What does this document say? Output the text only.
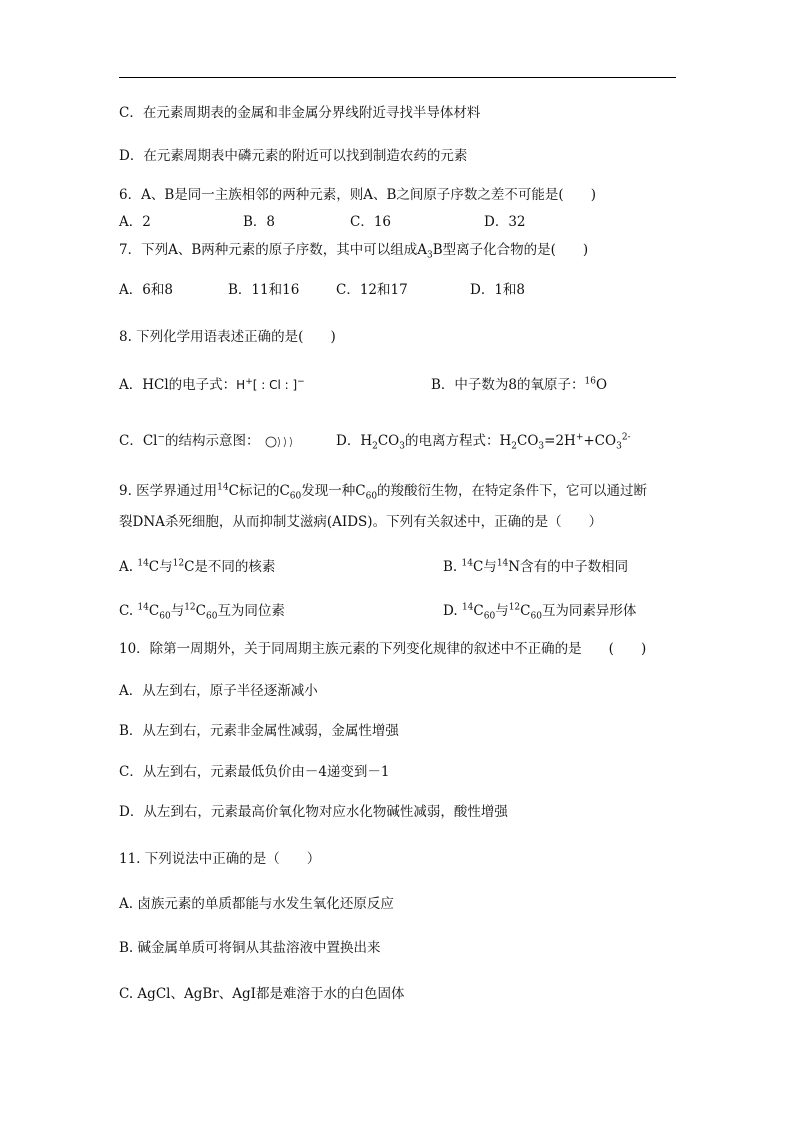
C．在元素周期表的金属和非金属分界线附近寻找半导体材料
D．在元素周期表中磷元素的附近可以找到制造农药的元素
6．A、B是同一主族相邻的两种元素，则A、B之间原子序数之差不可能是(　　)
A．2	B．8	C．16	D．32
7．下列A、B两种元素的原子序数，其中可以组成$A_3B$型离子化合物的是(　　)
A．6和8	B．11和16	C．12和17	D．1和8
8. 下列化学用语表述正确的是(　　)
A．HCl的电子式：H+[ : Cl : ]−	B．中子数为8的氧原子：$^{16}$O
C．Cl−的结构示意图：	D．$H_2CO_3$的电离方程式：$H_2CO_3=2H^++CO_3^{2-}$
9. 医学界通过用$^{14}$C标记的$C_{60}$发现一种$C_{60}$的羧酸衍生物，在特定条件下，它可以通过断
裂DNA杀死细胞，从而抑制艾滋病(AIDS)。下列有关叙述中，正确的是（　　）
A. $^{14}$C与$^{12}$C是不同的核素	B. $^{14}$C与$^{14}$N含有的中子数相同
C. $^{14}C_{60}$与$^{12}C_{60}$互为同位素	D. $^{14}C_{60}$与$^{12}C_{60}$互为同素异形体
10．除第一周期外，关于同周期主族元素的下列变化规律的叙述中不正确的是　　(　　)
A．从左到右，原子半径逐渐减小
B．从左到右，元素非金属性减弱，金属性增强
C．从左到右，元素最低负价由－4递变到－1
D．从左到右，元素最高价氧化物对应水化物碱性减弱，酸性增强
11. 下列说法中正确的是（　　）
A. 卤族元素的单质都能与水发生氧化还原反应
B. 碱金属单质可将铜从其盐溶液中置换出来
C. AgCl、AgBr、AgI都是难溶于水的白色固体
